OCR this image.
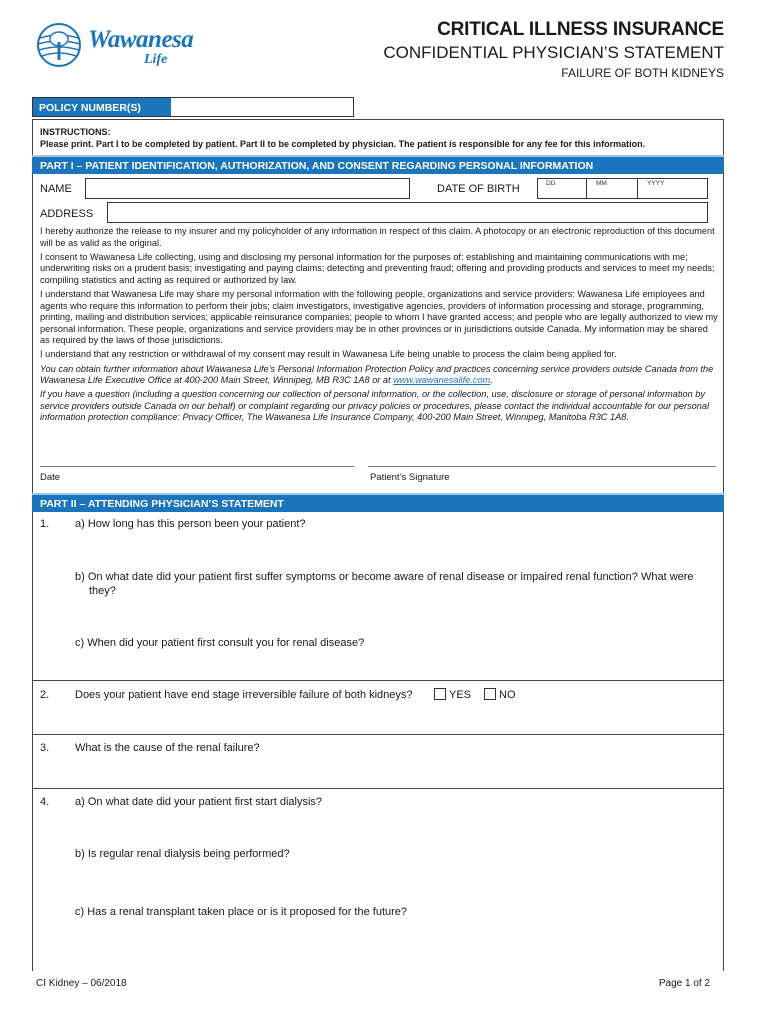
Wawanesa
Life
CRITICAL ILLNESS INSURANCE
CONFIDENTIAL PHYSICIAN’S STATEMENT
FAILURE OF BOTH KIDNEYS
POLICY NUMBER(S)
INSTRUCTIONS:
Please print. Part I to be completed by patient. Part II to be completed by physician. The patient is responsible for any fee for this information.
PART I – PATIENT IDENTIFICATION, AUTHORIZATION, AND CONSENT REGARDING PERSONAL INFORMATION
NAME	DATE OF BIRTH	DD	MM	YYYY
ADDRESS

I hereby authorize the release to my insurer and my policyholder of any information in respect of this claim. A photocopy or an electronic reproduction of this document will be as valid as the original.

I consent to Wawanesa Life collecting, using and disclosing my personal information for the purposes of: establishing and maintaining communications with me; underwriting risks on a prudent basis; investigating and paying claims; detecting and preventing fraud; offering and providing products and services to meet my needs; compiling statistics and acting as required or authorized by law.

I understand that Wawanesa Life may share my personal information with the following people, organizations and service providers: Wawanesa Life employees and agents who require this information to perform their jobs; claim investigators, investigative agencies, providers of information processing and storage, programming, printing, mailing and distribution services; applicable reinsurance companies; people to whom I have granted access; and people who are legally authorized to view my personal information. These people, organizations and service providers may be in other provinces or in jurisdictions outside Canada. My information may be shared as required by the laws of those jurisdictions.

I understand that any restriction or withdrawal of my consent may result in Wawanesa Life being unable to process the claim being applied for.

You can obtain further information about Wawanesa Life’s Personal Information Protection Policy and practices concerning service providers outside Canada from the Wawanesa Life Executive Office at 400-200 Main Street, Winnipeg, MB R3C 1A8 or at www.wawanesalife.com.

If you have a question (including a question concerning our collection of personal information, or the collection, use, disclosure or storage of personal information by service providers outside Canada on our behalf) or complaint regarding our privacy policies or procedures, please contact the individual accountable for our personal information protection compliance: Privacy Officer, The Wawanesa Life Insurance Company, 400-200 Main Street, Winnipeg, Manitoba R3C 1A8.

Date	Patient’s Signature
PART II – ATTENDING PHYSICIAN’S STATEMENT
1. a) How long has this person been your patient?
b) On what date did your patient first suffer symptoms or become aware of renal disease or impaired renal function? What were they?
c) When did your patient first consult you for renal disease?
2. Does your patient have end stage irreversible failure of both kidneys?	YES	NO
3. What is the cause of the renal failure?
4. a) On what date did your patient first start dialysis?
b) Is regular renal dialysis being performed?
c) Has a renal transplant taken place or is it proposed for the future?
CI Kidney – 06/2018	Page 1 of 2
